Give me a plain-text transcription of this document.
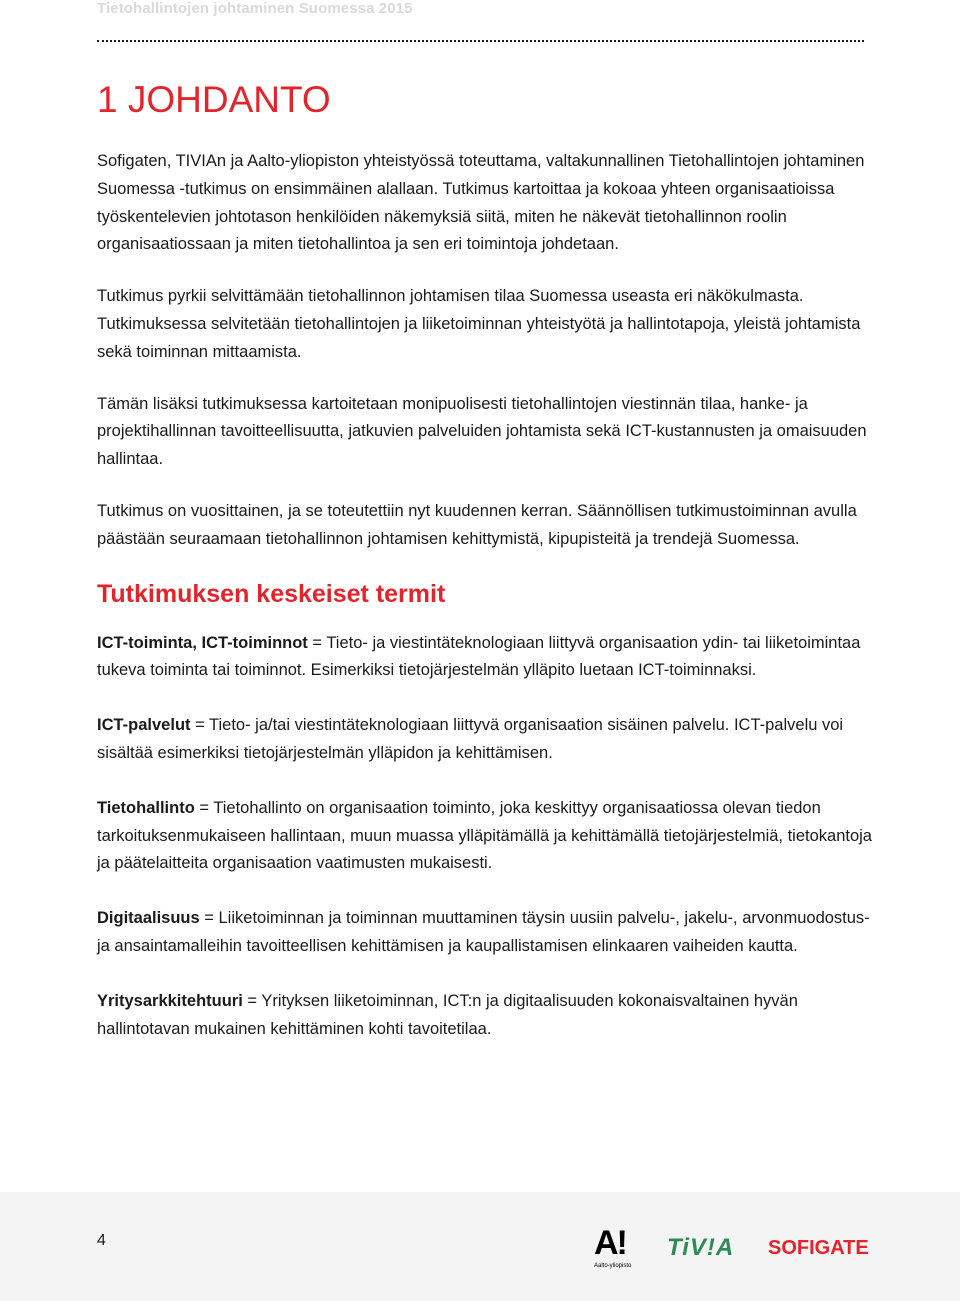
Tietohallintojen johtaminen Suomessa 2015
1 JOHDANTO

Sofigaten, TIVIAn ja Aalto-yliopiston yhteistyössä toteuttama, valtakunnallinen Tietohallintojen johtaminen Suomessa -tutkimus on ensimmäinen alallaan. Tutkimus kartoittaa ja kokoaa yhteen organisaatioissa työskentelevien johtotason henkilöiden näkemyksiä siitä, miten he näkevät tietohallinnon roolin organisaatiossaan ja miten tietohallintoa ja sen eri toimintoja johdetaan.

Tutkimus pyrkii selvittämään tietohallinnon johtamisen tilaa Suomessa useasta eri näkökulmasta. Tutkimuksessa selvitetään tietohallintojen ja liiketoiminnan yhteistyötä ja hallintotapoja, yleistä johtamista sekä toiminnan mittaamista.

Tämän lisäksi tutkimuksessa kartoitetaan monipuolisesti tietohallintojen viestinnän tilaa, hanke- ja projektihallinnan tavoitteellisuutta, jatkuvien palveluiden johtamista sekä ICT-kustannusten ja omaisuuden hallintaa.

Tutkimus on vuosittainen, ja se toteutettiin nyt kuudennen kerran. Säännöllisen tutkimustoiminnan avulla päästään seuraamaan tietohallinnon johtamisen kehittymistä, kipupisteitä ja trendejä Suomessa.

Tutkimuksen keskeiset termit

ICT-toiminta, ICT-toiminnot = Tieto- ja viestintäteknologiaan liittyvä organisaation ydin- tai liiketoimintaa tukeva toiminta tai toiminnot. Esimerkiksi tietojärjestelmän ylläpito luetaan ICT-toiminnaksi.

ICT-palvelut = Tieto- ja/tai viestintäteknologiaan liittyvä organisaation sisäinen palvelu. ICT-palvelu voi sisältää esimerkiksi tietojärjestelmän ylläpidon ja kehittämisen.

Tietohallinto = Tietohallinto on organisaation toiminto, joka keskittyy organisaatiossa olevan tiedon tarkoituksenmukaiseen hallintaan, muun muassa ylläpitämällä ja kehittämällä tietojärjestelmiä, tietokantoja ja päätelaitteita organisaation vaatimusten mukaisesti.

Digitaalisuus = Liiketoiminnan ja toiminnan muuttaminen täysin uusiin palvelu-, jakelu-, arvonmuodostus- ja ansaintamalleihin tavoitteellisen kehittämisen ja kaupallistamisen elinkaaren vaiheiden kautta.

Yritysarkkitehtuuri = Yrityksen liiketoiminnan, ICT:n ja digitaalisuuden kokonaisvaltainen hyvän hallintotavan mukainen kehittäminen kohti tavoitetilaa.

4	A!
Aalto-yliopisto
TiV!A SOFIGATE
